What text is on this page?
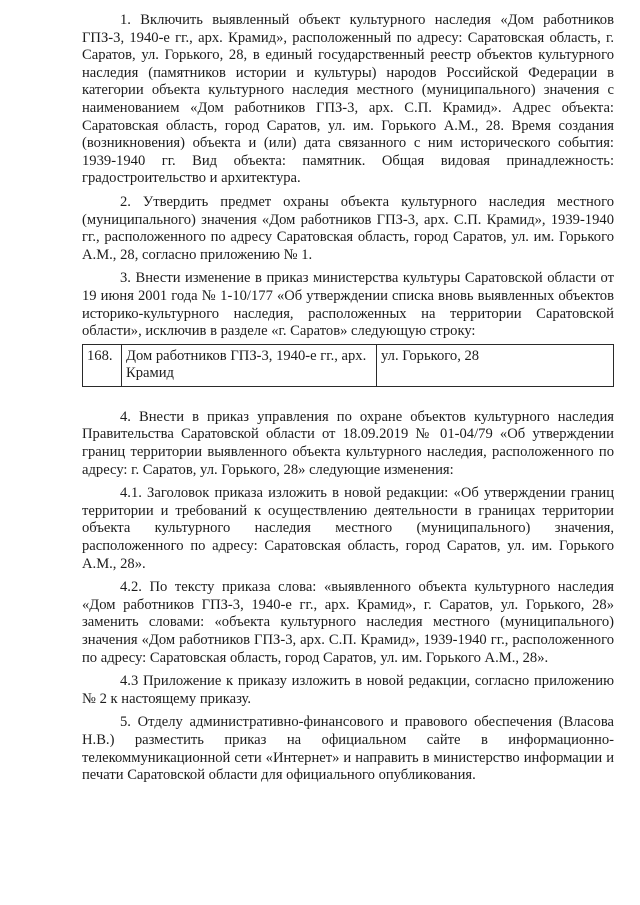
1. Включить выявленный объект культурного наследия «Дом работников ГПЗ-3, 1940-е гг., арх. Крамид», расположенный по адресу: Саратовская область, г. Саратов, ул. Горького, 28, в единый государственный реестр объектов культурного наследия (памятников истории и культуры) народов Российской Федерации в категории объекта культурного наследия местного (муниципального) значения с наименованием «Дом работников ГПЗ-3, арх. С.П. Крамид». Адрес объекта: Саратовская область, город Саратов, ул. им. Горького А.М., 28. Время создания (возникновения) объекта и (или) дата связанного с ним исторического события: 1939-1940 гг. Вид объекта: памятник. Общая видовая принадлежность: градостроительство и архитектура.

2. Утвердить предмет охраны объекта культурного наследия местного (муниципального) значения «Дом работников ГПЗ-3, арх. С.П. Крамид», 1939-1940 гг., расположенного по адресу Саратовская область, город Саратов, ул. им. Горького А.М., 28, согласно приложению № 1.

3. Внести изменение в приказ министерства культуры Саратовской области от 19 июня 2001 года № 1-10/177 «Об утверждении списка вновь выявленных объектов историко-культурного наследия, расположенных на территории Саратовской области», исключив в разделе «г. Саратов» следующую строку:

168.	Дом работников ГПЗ-3, 1940-е гг., арх. Крамид	ул. Горького, 28

4. Внести в приказ управления по охране объектов культурного наследия Правительства Саратовской области от 18.09.2019 № 01-04/79 «Об утверждении границ территории выявленного объекта культурного наследия, расположенного по адресу: г. Саратов, ул. Горького, 28» следующие изменения:

4.1. Заголовок приказа изложить в новой редакции: «Об утверждении границ территории и требований к осуществлению деятельности в границах территории объекта культурного наследия местного (муниципального) значения, расположенного по адресу: Саратовская область, город Саратов, ул. им. Горького А.М., 28».

4.2. По тексту приказа слова: «выявленного объекта культурного наследия «Дом работников ГПЗ-3, 1940-е гг., арх. Крамид», г. Саратов, ул. Горького, 28» заменить словами: «объекта культурного наследия местного (муниципального) значения «Дом работников ГПЗ-3, арх. С.П. Крамид», 1939-1940 гг., расположенного по адресу: Саратовская область, город Саратов, ул. им. Горького А.М., 28».

4.3 Приложение к приказу изложить в новой редакции, согласно приложению № 2 к настоящему приказу.

5. Отделу административно-финансового и правового обеспечения (Власова Н.В.) разместить приказ на официальном сайте в информационно-телекоммуникационной сети «Интернет» и направить в министерство информации и печати Саратовской области для официального опубликования.
